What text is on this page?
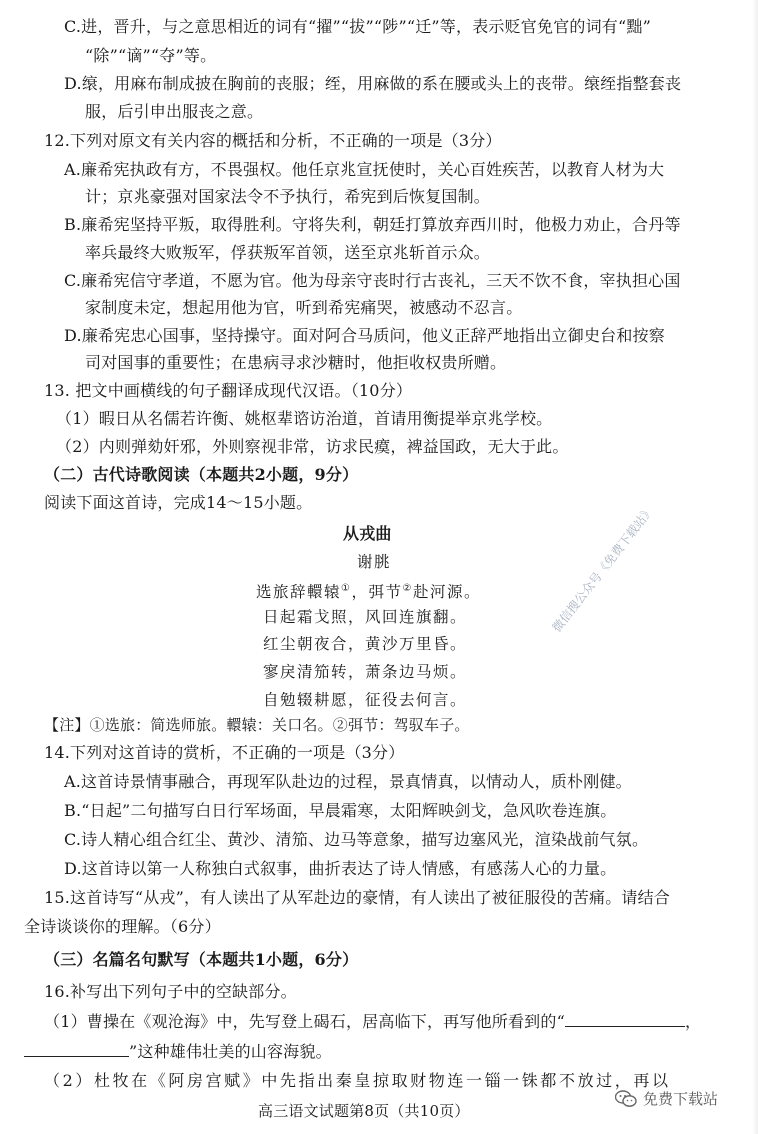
C.进，晋升，与之意思相近的词有“擢”“拔”“陟”“迁”等，表示贬官免官的词有“黜”
“除”“谪”“夺”等。
D.缞，用麻布制成披在胸前的丧服；绖，用麻做的系在腰或头上的丧带。缞绖指整套丧
服，后引申出服丧之意。
12.下列对原文有关内容的概括和分析，不正确的一项是（3分）
A.廉希宪执政有方，不畏强权。他任京兆宣抚使时，关心百姓疾苦，以教育人材为大
计；京兆豪强对国家法令不予执行，希宪到后恢复国制。
B.廉希宪坚持平叛，取得胜利。守将失利，朝廷打算放弃西川时，他极力劝止，合丹等
率兵最终大败叛军，俘获叛军首领，送至京兆斩首示众。
C.廉希宪信守孝道，不愿为官。他为母亲守丧时行古丧礼，三天不饮不食，宰执担心国
家制度未定，想起用他为官，听到希宪痛哭，被感动不忍言。
D.廉希宪忠心国事，坚持操守。面对阿合马质问，他义正辞严地指出立御史台和按察
司对国事的重要性；在患病寻求沙糖时，他拒收权贵所赠。
13. 把文中画横线的句子翻译成现代汉语。（10分）
（1）暇日从名儒若许衡、姚枢辈谘访治道，首请用衡提举京兆学校。
（2）内则弹劾奸邪，外则察视非常，访求民瘼，裨益国政，无大于此。
（二）古代诗歌阅读（本题共2小题，9分）
阅读下面这首诗，完成14～15小题。
从戎曲
谢朓
选旅辞轘辕①，弭节②赴河源。
日起霜戈照，风回连旗翻。
红尘朝夜合，黄沙万里昏。
寥戾清笳转，萧条边马烦。
自勉辍耕愿，征役去何言。
【注】①选旅：简选师旅。轘辕：关口名。②弭节：驾驭车子。
14.下列对这首诗的赏析，不正确的一项是（3分）
A.这首诗景情事融合，再现军队赴边的过程，景真情真，以情动人，质朴刚健。
B.“日起”二句描写白日行军场面，早晨霜寒，太阳辉映剑戈，急风吹卷连旗。
C.诗人精心组合红尘、黄沙、清笳、边马等意象，描写边塞风光，渲染战前气氛。
D.这首诗以第一人称独白式叙事，曲折表达了诗人情感，有感荡人心的力量。
15.这首诗写“从戎”，有人读出了从军赴边的豪情，有人读出了被征服役的苦痛。请结合
全诗谈谈你的理解。（6分）
（三）名篇名句默写（本题共1小题，6分）
16.补写出下列句子中的空缺部分。
（1）曹操在《观沧海》中，先写登上碣石，居高临下，再写他所看到的“	，
”这种雄伟壮美的山容海貌。
（2）杜牧在《阿房宫赋》中先指出秦皇掠取财物连一锱一铢都不放过，再以
高三语文试题第8页（共10页）
微信搜公众号《免费下载站》
免费下载站
